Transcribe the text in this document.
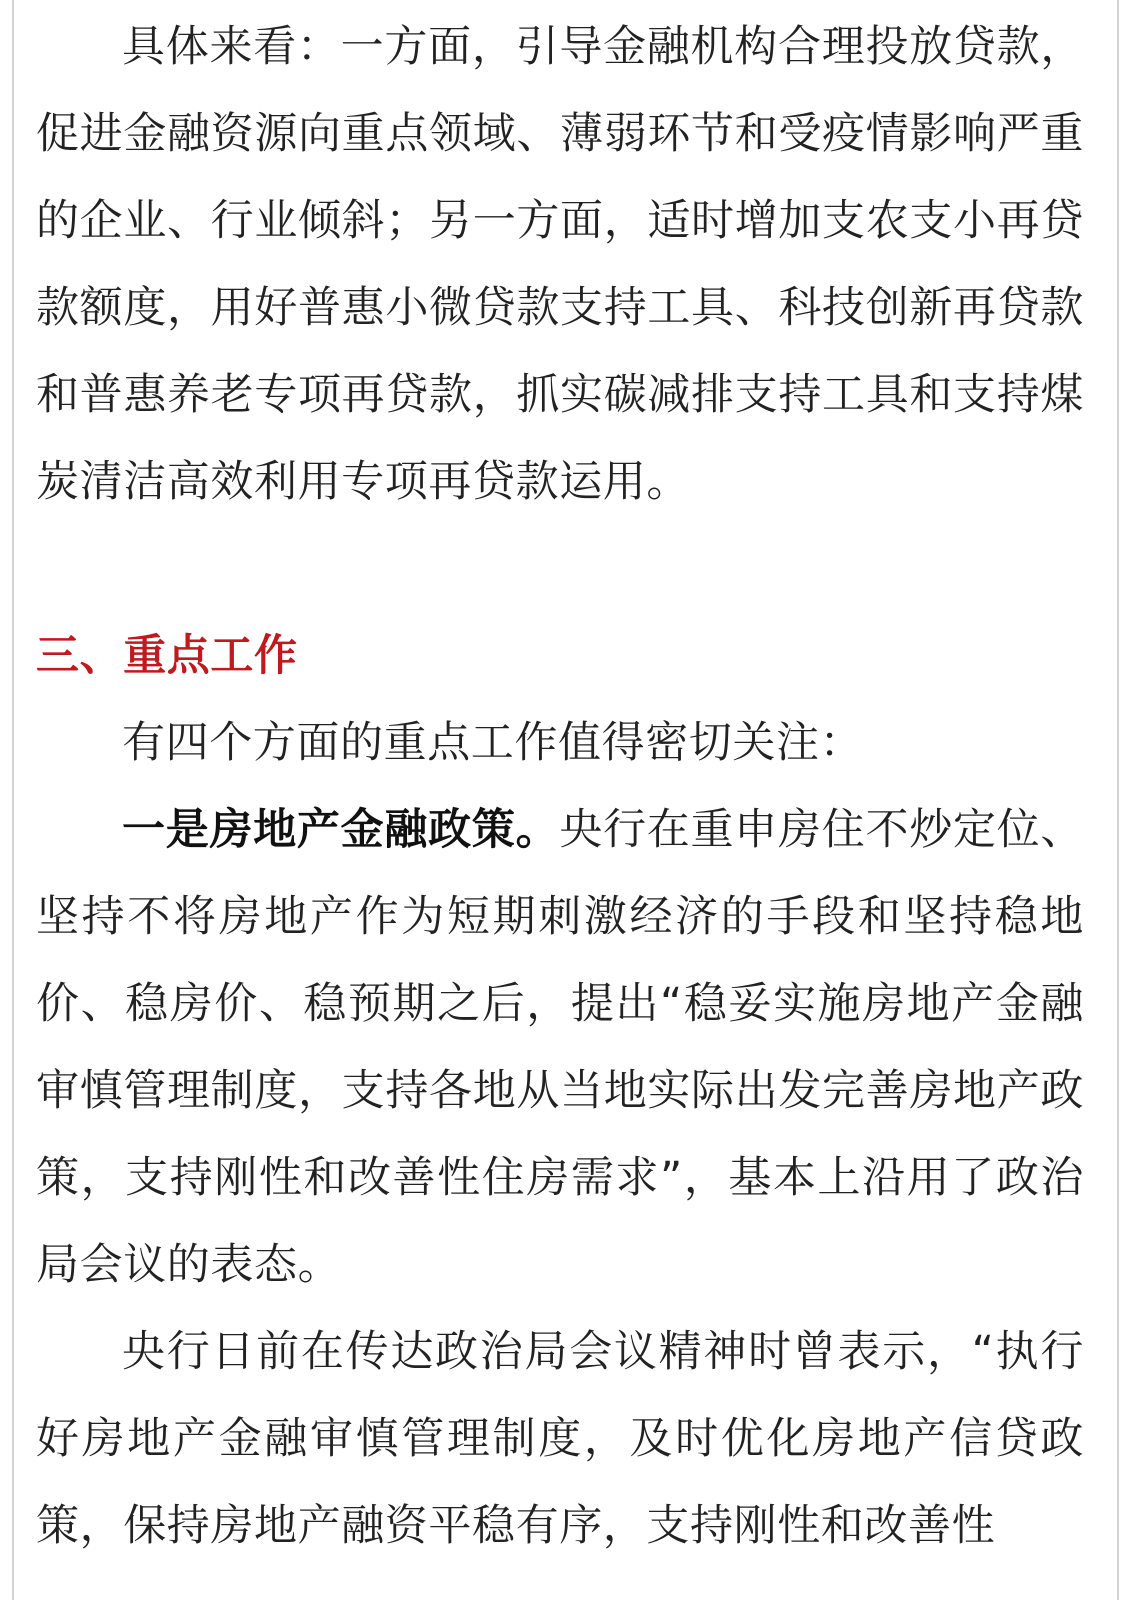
具体来看：一方面，引导金融机构合理投放贷款，促进金融资源向重点领域、薄弱环节和受疫情影响严重的企业、行业倾斜；另一方面，适时增加支农支小再贷款额度，用好普惠小微贷款支持工具、科技创新再贷款和普惠养老专项再贷款，抓实碳减排支持工具和支持煤炭清洁高效利用专项再贷款运用。

三、重点工作

有四个方面的重点工作值得密切关注：

一是房地产金融政策。央行在重申房住不炒定位、坚持不将房地产作为短期刺激经济的手段和坚持稳地价、稳房价、稳预期之后，提出“稳妥实施房地产金融审慎管理制度，支持各地从当地实际出发完善房地产政策，支持刚性和改善性住房需求”，基本上沿用了政治局会议的表态。

央行日前在传达政治局会议精神时曾表示，“执行好房地产金融审慎管理制度，及时优化房地产信贷政策，保持房地产融资平稳有序，支持刚性和改善性
